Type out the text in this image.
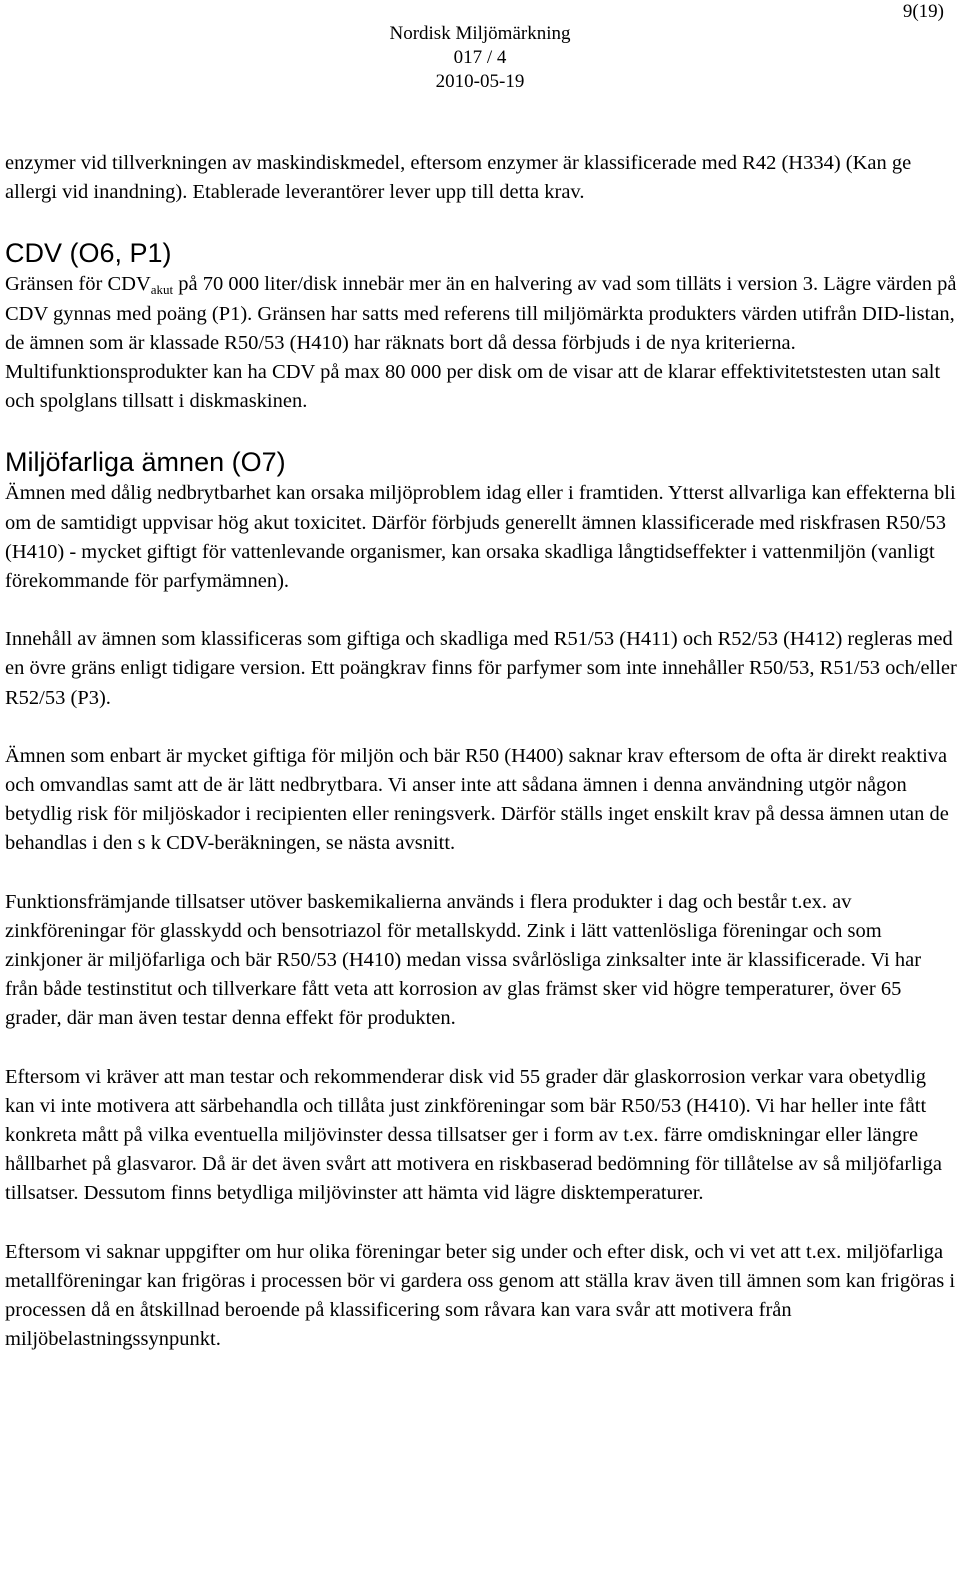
9(19)
Nordisk Miljömärkning
017 / 4
2010-05-19

enzymer vid tillverkningen av maskindiskmedel, eftersom enzymer är klassificerade med R42 (H334) (Kan ge allergi vid inandning). Etablerade leverantörer lever upp till detta krav.

CDV (O6, P1)

Gränsen för $CDV_{akut}$ på 70 000 liter/disk innebär mer än en halvering av vad som tilläts i version 3. Lägre värden på CDV gynnas med poäng (P1). Gränsen har satts med referens till miljömärkta produkters värden utifrån DID-listan, de ämnen som är klassade R50/53 (H410) har räknats bort då dessa förbjuds i de nya kriterierna. Multifunktionsprodukter kan ha CDV på max 80 000 per disk om de visar att de klarar effektivitetstesten utan salt och spolglans tillsatt i diskmaskinen.

Miljöfarliga ämnen (O7)

Ämnen med dålig nedbrytbarhet kan orsaka miljöproblem idag eller i framtiden. Ytterst allvarliga kan effekterna bli om de samtidigt uppvisar hög akut toxicitet. Därför förbjuds generellt ämnen klassificerade med riskfrasen R50/53 (H410) - mycket giftigt för vattenlevande organismer, kan orsaka skadliga långtidseffekter i vattenmiljön (vanligt förekommande för parfymämnen).

Innehåll av ämnen som klassificeras som giftiga och skadliga med R51/53 (H411) och R52/53 (H412) regleras med en övre gräns enligt tidigare version. Ett poängkrav finns för parfymer som inte innehåller R50/53, R51/53 och/eller R52/53 (P3).

Ämnen som enbart är mycket giftiga för miljön och bär R50 (H400) saknar krav eftersom de ofta är direkt reaktiva och omvandlas samt att de är lätt nedbrytbara. Vi anser inte att sådana ämnen i denna användning utgör någon betydlig risk för miljöskador i recipienten eller reningsverk. Därför ställs inget enskilt krav på dessa ämnen utan de behandlas i den s k CDV-beräkningen, se nästa avsnitt.

Funktionsfrämjande tillsatser utöver baskemikalierna används i flera produkter i dag och består t.ex. av zinkföreningar för glasskydd och bensotriazol för metallskydd. Zink i lätt vattenlösliga föreningar och som zinkjoner är miljöfarliga och bär R50/53 (H410) medan vissa svårlösliga zinksalter inte är klassificerade. Vi har från både testinstitut och tillverkare fått veta att korrosion av glas främst sker vid högre temperaturer, över 65 grader, där man även testar denna effekt för produkten.

Eftersom vi kräver att man testar och rekommenderar disk vid 55 grader där glaskorrosion verkar vara obetydlig kan vi inte motivera att särbehandla och tillåta just zinkföreningar som bär R50/53 (H410). Vi har heller inte fått konkreta mått på vilka eventuella miljövinster dessa tillsatser ger i form av t.ex. färre omdiskningar eller längre hållbarhet på glasvaror. Då är det även svårt att motivera en riskbaserad bedömning för tillåtelse av så miljöfarliga tillsatser. Dessutom finns betydliga miljövinster att hämta vid lägre disktemperaturer.

Eftersom vi saknar uppgifter om hur olika föreningar beter sig under och efter disk, och vi vet att t.ex. miljöfarliga metallföreningar kan frigöras i processen bör vi gardera oss genom att ställa krav även till ämnen som kan frigöras i processen då en åtskillnad beroende på klassificering som råvara kan vara svår att motivera från miljöbelastningssynpunkt.
